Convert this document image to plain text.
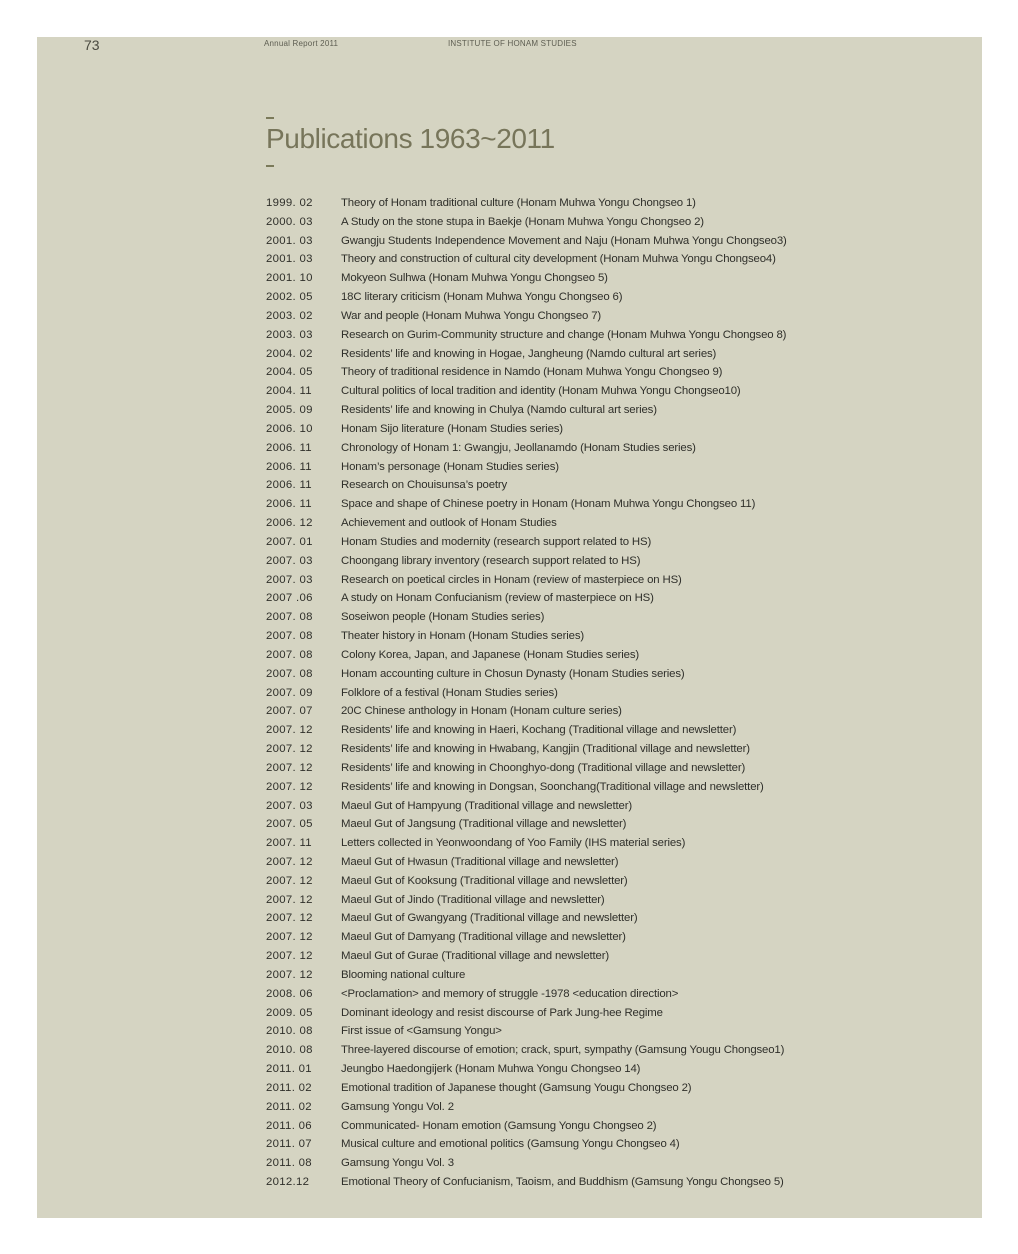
73	Annual Report 2011	INSTITUTE OF HONAM STUDIES
Publications 1963~2011
1999. 02	Theory of Honam traditional culture (Honam Muhwa Yongu Chongseo 1)
2000. 03	A Study on the stone stupa in Baekje (Honam Muhwa Yongu Chongseo 2)
2001. 03	Gwangju Students Independence Movement and Naju (Honam Muhwa Yongu Chongseo3)
2001. 03	Theory and construction of cultural city development (Honam Muhwa Yongu Chongseo4)
2001. 10	Mokyeon Sulhwa (Honam Muhwa Yongu Chongseo 5)
2002. 05	18C literary criticism (Honam Muhwa Yongu Chongseo 6)
2003. 02	War and people (Honam Muhwa Yongu Chongseo 7)
2003. 03	Research on Gurim-Community structure and change (Honam Muhwa Yongu Chongseo 8)
2004. 02	Residents’ life and knowing in Hogae, Jangheung (Namdo cultural art series)
2004. 05	Theory of traditional residence in Namdo (Honam Muhwa Yongu Chongseo 9)
2004. 11	Cultural politics of local tradition and identity (Honam Muhwa Yongu Chongseo10)
2005. 09	Residents’ life and knowing in Chulya (Namdo cultural art series)
2006. 10	Honam Sijo literature (Honam Studies series)
2006. 11	Chronology of Honam 1: Gwangju, Jeollanamdo (Honam Studies series)
2006. 11	Honam’s personage (Honam Studies series)
2006. 11	Research on Chouisunsa’s poetry
2006. 11	Space and shape of Chinese poetry in Honam (Honam Muhwa Yongu Chongseo 11)
2006. 12	Achievement and outlook of Honam Studies
2007. 01	Honam Studies and modernity (research support related to HS)
2007. 03	Choongang library inventory (research support related to HS)
2007. 03	Research on poetical circles in Honam (review of masterpiece on HS)
2007 .06	A study on Honam Confucianism (review of masterpiece on HS)
2007. 08	Soseiwon people (Honam Studies series)
2007. 08	Theater history in Honam (Honam Studies series)
2007. 08	Colony Korea, Japan, and Japanese (Honam Studies series)
2007. 08	Honam accounting culture in Chosun Dynasty (Honam Studies series)
2007. 09	Folklore of a festival (Honam Studies series)
2007. 07	20C Chinese anthology in Honam (Honam culture series)
2007. 12	Residents’ life and knowing in Haeri, Kochang (Traditional village and newsletter)
2007. 12	Residents’ life and knowing in Hwabang, Kangjin (Traditional village and newsletter)
2007. 12	Residents’ life and knowing in Choonghyo-dong (Traditional village and newsletter)
2007. 12	Residents’ life and knowing in Dongsan, Soonchang(Traditional village and newsletter)
2007. 03	Maeul Gut of Hampyung (Traditional village and newsletter)
2007. 05	Maeul Gut of Jangsung (Traditional village and newsletter)
2007. 11	Letters collected in Yeonwoondang of Yoo Family (IHS material series)
2007. 12	Maeul Gut of Hwasun (Traditional village and newsletter)
2007. 12	Maeul Gut of Kooksung (Traditional village and newsletter)
2007. 12	Maeul Gut of Jindo (Traditional village and newsletter)
2007. 12	Maeul Gut of Gwangyang (Traditional village and newsletter)
2007. 12	Maeul Gut of Damyang (Traditional village and newsletter)
2007. 12	Maeul Gut of Gurae (Traditional village and newsletter)
2007. 12	Blooming national culture
2008. 06	<Proclamation> and memory of struggle -1978 <education direction>
2009. 05	Dominant ideology and resist discourse of Park Jung-hee Regime
2010. 08	First issue of <Gamsung Yongu>
2010. 08	Three-layered discourse of emotion; crack, spurt, sympathy (Gamsung Yougu Chongseo1)
2011. 01	Jeungbo Haedongijerk (Honam Muhwa Yongu Chongseo 14)
2011. 02	Emotional tradition of Japanese thought (Gamsung Yougu Chongseo 2)
2011. 02	Gamsung Yongu Vol. 2
2011. 06	Communicated- Honam emotion (Gamsung Yongu Chongseo 2)
2011. 07	Musical culture and emotional politics (Gamsung Yongu Chongseo 4)
2011. 08	Gamsung Yongu Vol. 3
2012.12	Emotional Theory of Confucianism, Taoism, and Buddhism (Gamsung Yongu Chongseo 5)
